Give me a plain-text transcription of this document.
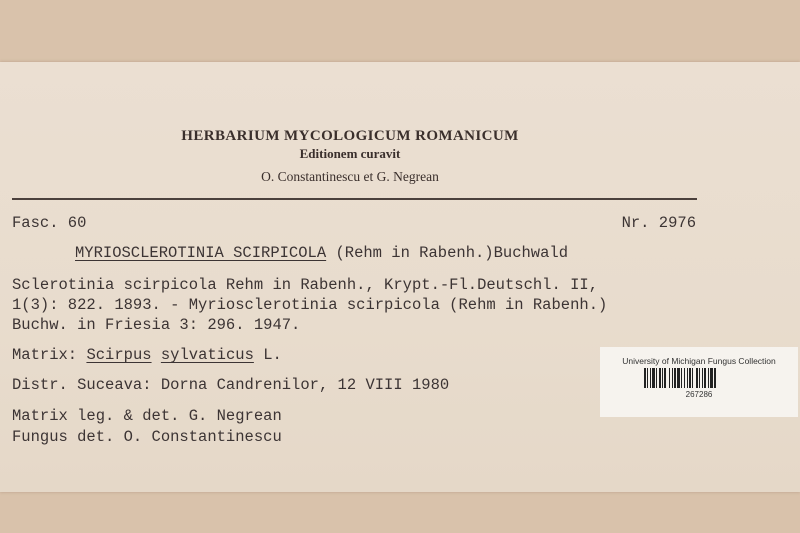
HERBARIUM MYCOLOGICUM ROMANICUM
Editionem curavit
O. Constantinescu et G. Negrean
Fasc. 60	Nr. 2976
MYRIOSCLEROTINIA SCIRPICOLA (Rehm in Rabenh.)Buchwald
Sclerotinia scirpicola Rehm in Rabenh., Krypt.-Fl.Deutschl. II,
1(3): 822. 1893. - Myriosclerotinia scirpicola (Rehm in Rabenh.)
Buchw. in Friesia 3: 296. 1947.
Matrix: Scirpus sylvaticus L.
Distr. Suceava: Dorna Candrenilor, 12 VIII 1980
Matrix leg. & det. G. Negrean
Fungus det. O. Constantinescu
University of Michigan Fungus Collection
267286
